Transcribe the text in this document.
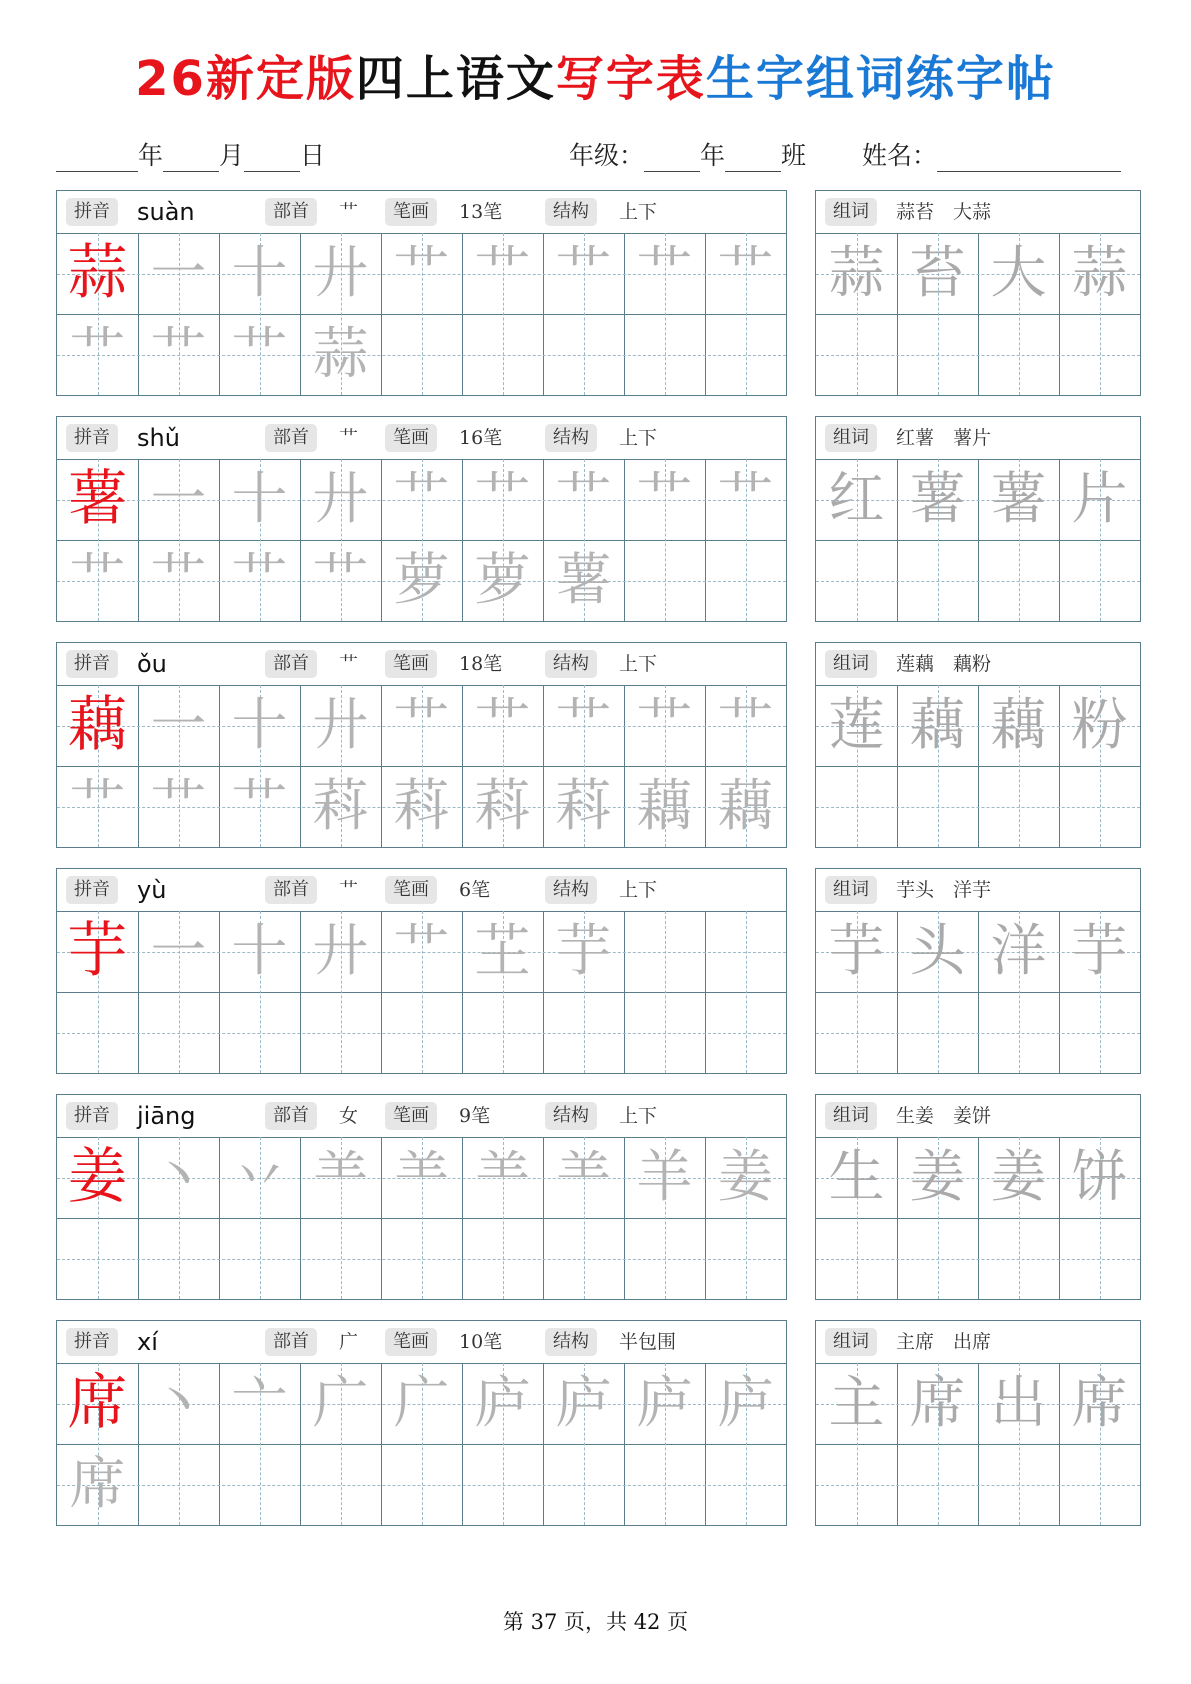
26新定版四上语文写字表生字组词练字帖
年 月 日	年级： 年 班 姓名：
拼音	suàn	部首	艹	笔画	13笔	结构	上下
蒜 一 十 廾 艹 艹 艹 艹 艹
艹 艹 艹 蒜
组词	蒜苔　大蒜
蒜 苔 大 蒜
拼音	shǔ	部首	艹	笔画	16笔	结构	上下
薯 一 十 廾 艹 艹 艹 艹 艹
艹 艹 艹 艹 萝 萝 薯
组词	红薯　薯片
红 薯 薯 片
拼音	ǒu	部首	艹	笔画	18笔	结构	上下
藕 一 十 廾 艹 艹 艹 艹 艹
艹 艹 艹 萪 萪 萪 萪 藕 藕
组词	莲藕　藕粉
莲 藕 藕 粉
拼音	yù	部首	艹	笔画	6笔	结构	上下
芋 一 十 廾 艹 芏 芋
组词	芋头　洋芋
芋 头 洋 芋
拼音	jiāng	部首	女	笔画	9笔	结构	上下
姜 丶 丷 ⺷ ⺷ ⺷ ⺷ 羊 姜
组词	生姜　姜饼
生 姜 姜 饼
拼音	xí	部首	广	笔画	10笔	结构	半包围
席 丶 亠 广 广 庐 庐 庐 庐
席
组词	主席　出席
主 席 出 席
第 37 页，共 42 页
